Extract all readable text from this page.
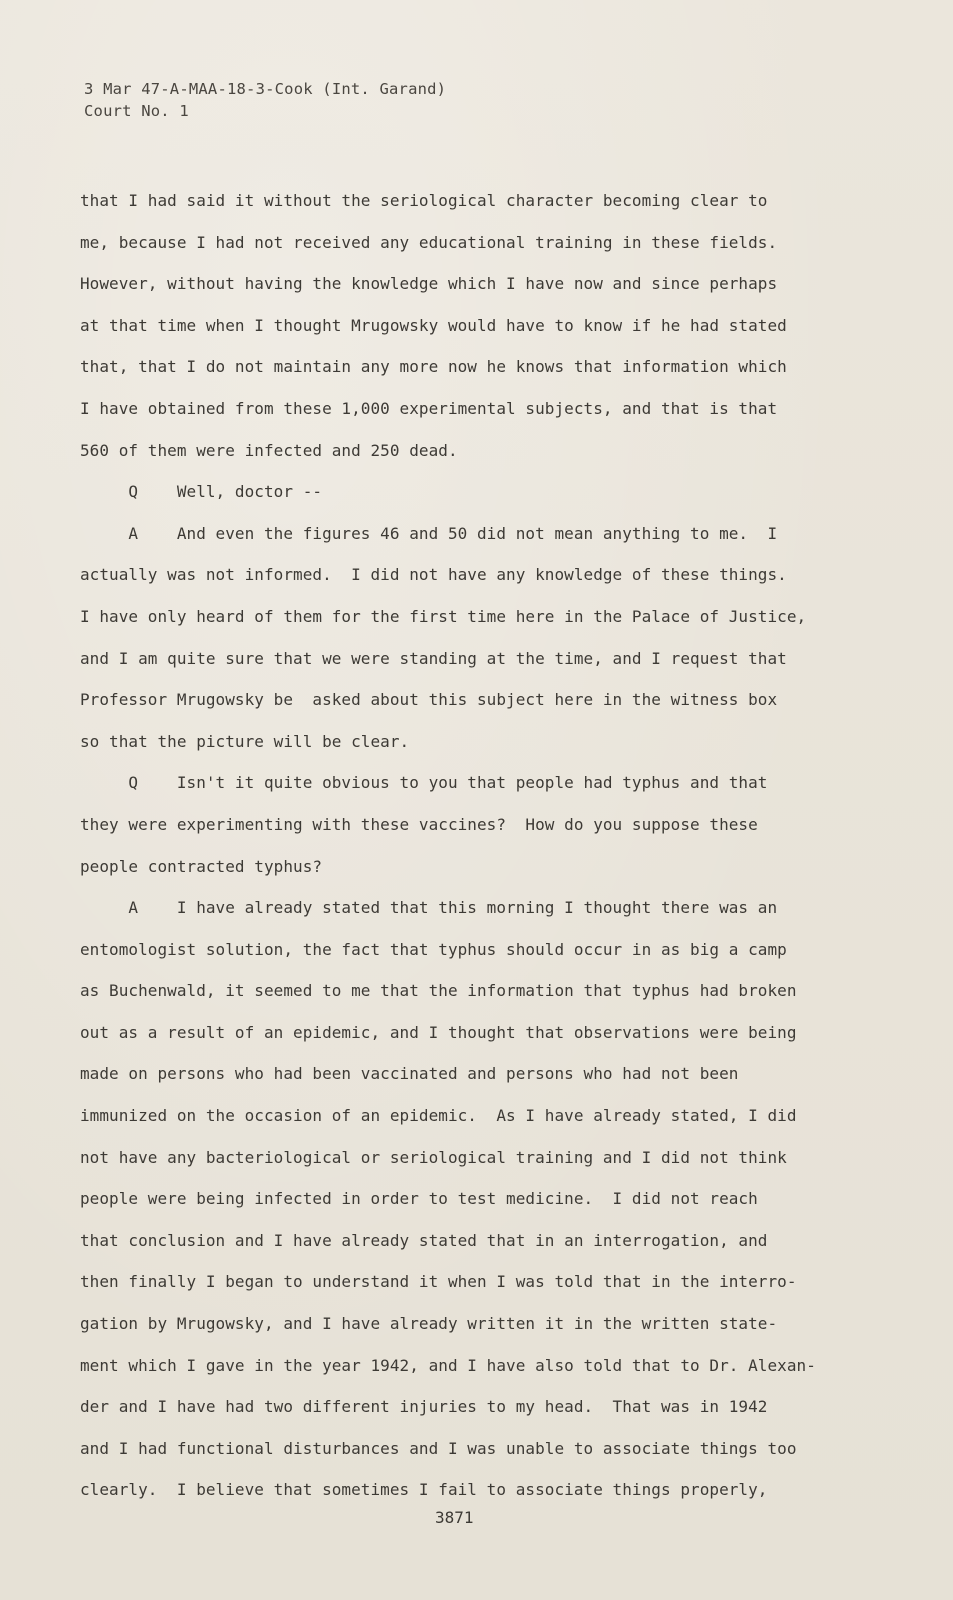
3 Mar 47-A-MAA-18-3-Cook (Int. Garand)
Court No. 1
that I had said it without the seriological character becoming clear to
me, because I had not received any educational training in these fields.
However, without having the knowledge which I have now and since perhaps
at that time when I thought Mrugowsky would have to know if he had stated
that, that I do not maintain any more now he knows that information which
I have obtained from these 1,000 experimental subjects, and that is that
560 of them were infected and 250 dead.
Q    Well, doctor --
A    And even the figures 46 and 50 did not mean anything to me.  I
actually was not informed.  I did not have any knowledge of these things.
I have only heard of them for the first time here in the Palace of Justice,
and I am quite sure that we were standing at the time, and I request that
Professor Mrugowsky be  asked about this subject here in the witness box
so that the picture will be clear.
Q    Isn't it quite obvious to you that people had typhus and that
they were experimenting with these vaccines?  How do you suppose these
people contracted typhus?
A    I have already stated that this morning I thought there was an
entomologist solution, the fact that typhus should occur in as big a camp
as Buchenwald, it seemed to me that the information that typhus had broken
out as a result of an epidemic, and I thought that observations were being
made on persons who had been vaccinated and persons who had not been
immunized on the occasion of an epidemic.  As I have already stated, I did
not have any bacteriological or seriological training and I did not think
people were being infected in order to test medicine.  I did not reach
that conclusion and I have already stated that in an interrogation, and
then finally I began to understand it when I was told that in the interro-
gation by Mrugowsky, and I have already written it in the written state-
ment which I gave in the year 1942, and I have also told that to Dr. Alexan-
der and I have had two different injuries to my head.  That was in 1942
and I had functional disturbances and I was unable to associate things too
clearly.  I believe that sometimes I fail to associate things properly,
3871
